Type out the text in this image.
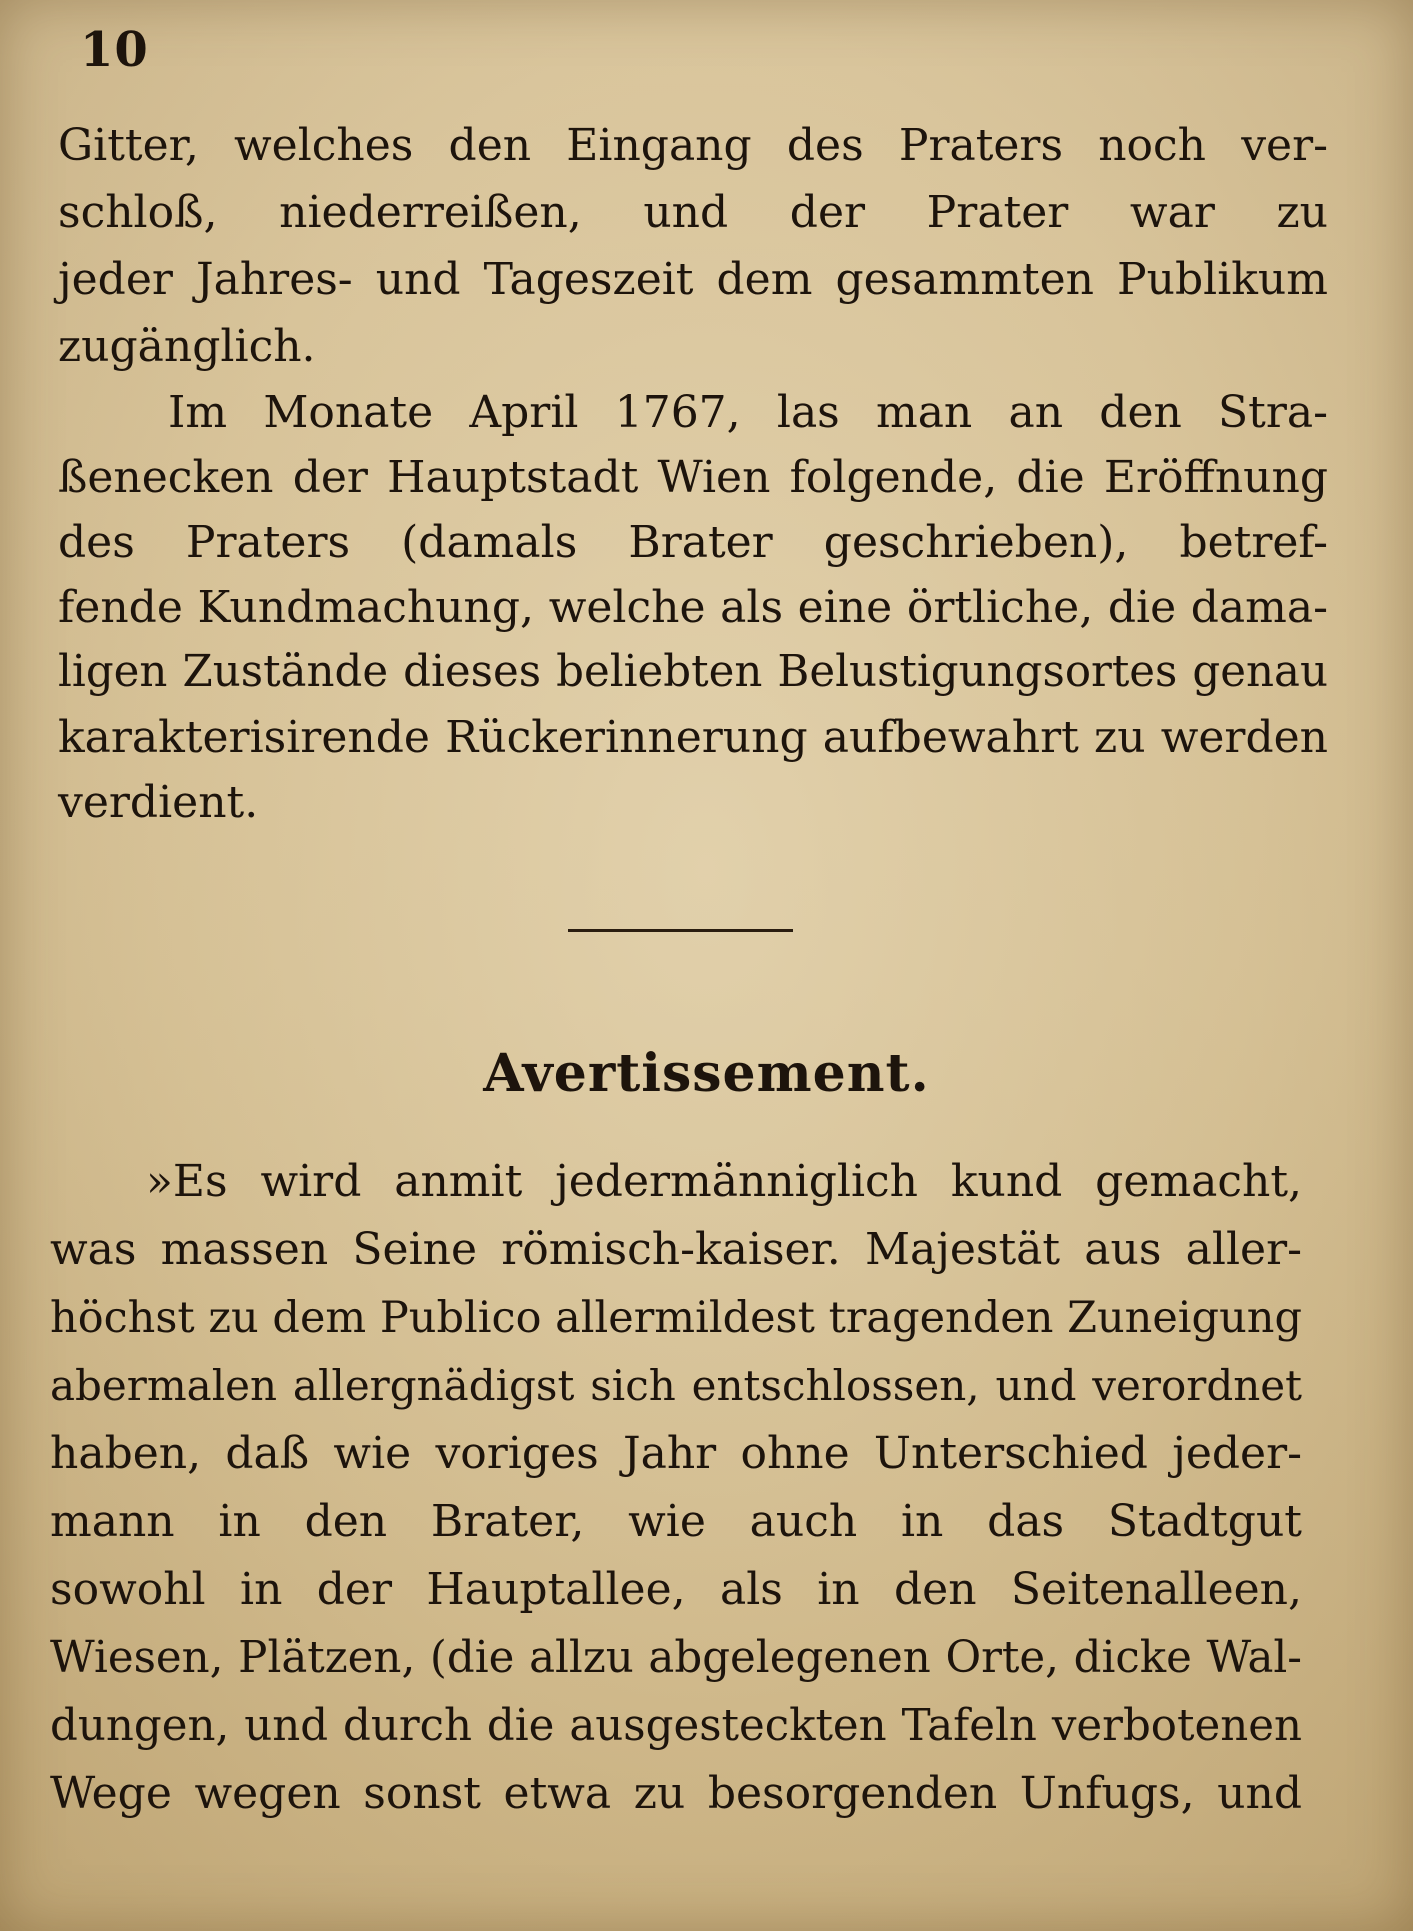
10
Gitter, welches den Eingang des Praters noch ver-
schloß, niederreißen, und der Prater war zu
jeder Jahres- und Tageszeit dem gesammten Publikum
zugänglich.
Im Monate April 1767, las man an den Stra-
ßenecken der Hauptstadt Wien folgende, die Eröffnung
des Praters (damals Brater geschrieben), betref-
fende Kundmachung, welche als eine örtliche, die dama-
ligen Zustände dieses beliebten Belustigungsortes genau
karakterisirende Rückerinnerung aufbewahrt zu werden
verdient.
Avertissement.
»Es wird anmit jedermänniglich kund gemacht,
was massen Seine römisch-kaiser. Majestät aus aller-
höchst zu dem Publico allermildest tragenden Zuneigung
abermalen allergnädigst sich entschlossen, und verordnet
haben, daß wie voriges Jahr ohne Unterschied jeder-
mann in den Brater, wie auch in das Stadtgut
sowohl in der Hauptallee, als in den Seitenalleen,
Wiesen, Plätzen, (die allzu abgelegenen Orte, dicke Wal-
dungen, und durch die ausgesteckten Tafeln verbotenen
Wege wegen sonst etwa zu besorgenden Unfugs, und
